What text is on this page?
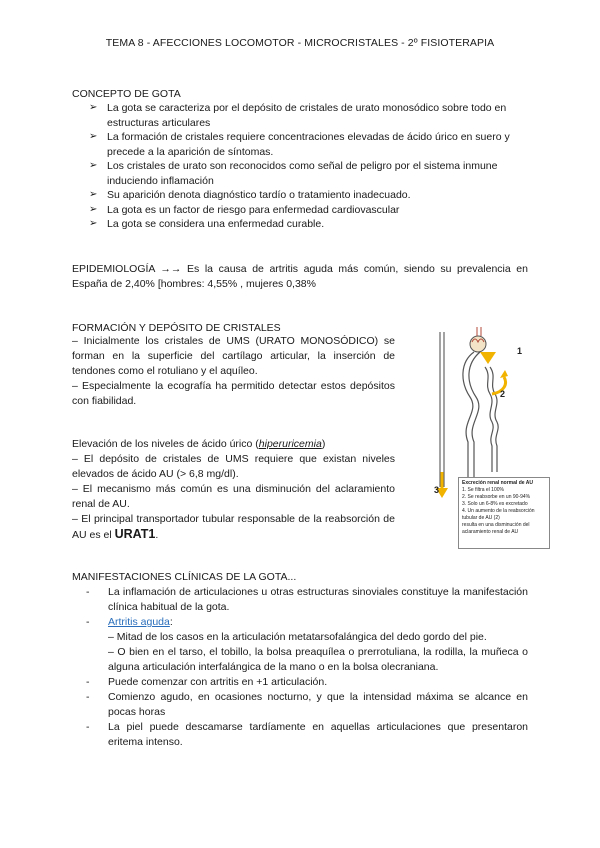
TEMA 8 - AFECCIONES LOCOMOTOR - MICROCRISTALES - 2º FISIOTERAPIA
CONCEPTO DE GOTA
➢ La gota se caracteriza por el depósito de cristales de urato monosódico sobre todo en estructuras articulares
➢ La formación de cristales requiere concentraciones elevadas de ácido úrico en suero y precede a la aparición de síntomas.
➢ Los cristales de urato son reconocidos como señal de peligro por el sistema inmune induciendo inflamación
➢ Su aparición denota diagnóstico tardío o tratamiento inadecuado.
➢ La gota es un factor de riesgo para enfermedad cardiovascular
➢ La gota se considera una enfermedad curable.
EPIDEMIOLOGÍA →→ Es la causa de artritis aguda más común, siendo su prevalencia en España de 2,40% [hombres: 4,55% , mujeres 0,38%
FORMACIÓN Y DEPÓSITO DE CRISTALES

– Inicialmente los cristales de UMS (URATO MONOSÓDICO) se forman en la superficie del cartílago articular, la inserción de tendones como el rotuliano y el aquíleo.

– Especialmente la ecografía ha permitido detectar estos depósitos con fiabilidad.

Elevación de los niveles de ácido úrico (hiperuricemia)

– El depósito de cristales de UMS requiere que existan niveles elevados de ácido AU (> 6,8 mg/dl).

– El mecanismo más común es una disminución del aclaramiento renal de AU.

– El principal transportador tubular responsable de la reabsorción de AU es el URAT1.

1
2
3
Excreción renal normal de AU
1. Se filtra el 100%
2. Se reabsorbe en un 90-94%
3. Solo un 6-8% es excretado
4. Un aumento de la reabsorción tubular de AU (2)
resulta en una disminución del
aclaramiento renal de AU
MANIFESTACIONES CLÍNICAS DE LA GOTA...
- La inflamación de articulaciones u otras estructuras sinoviales constituye la manifestación clínica habitual de la gota.
- Artritis aguda:
– Mitad de los casos en la articulación metatarsofalángica del dedo gordo del pie.
– O bien en el tarso, el tobillo, la bolsa preaquílea o prerrotuliana, la rodilla, la muñeca o alguna articulación interfalángica de la mano o en la bolsa olecraniana.
- Puede comenzar con artritis en +1 articulación.
- Comienzo agudo, en ocasiones nocturno, y que la intensidad máxima se alcance en pocas horas
- La piel puede descamarse tardíamente en aquellas articulaciones que presentaron eritema intenso.
